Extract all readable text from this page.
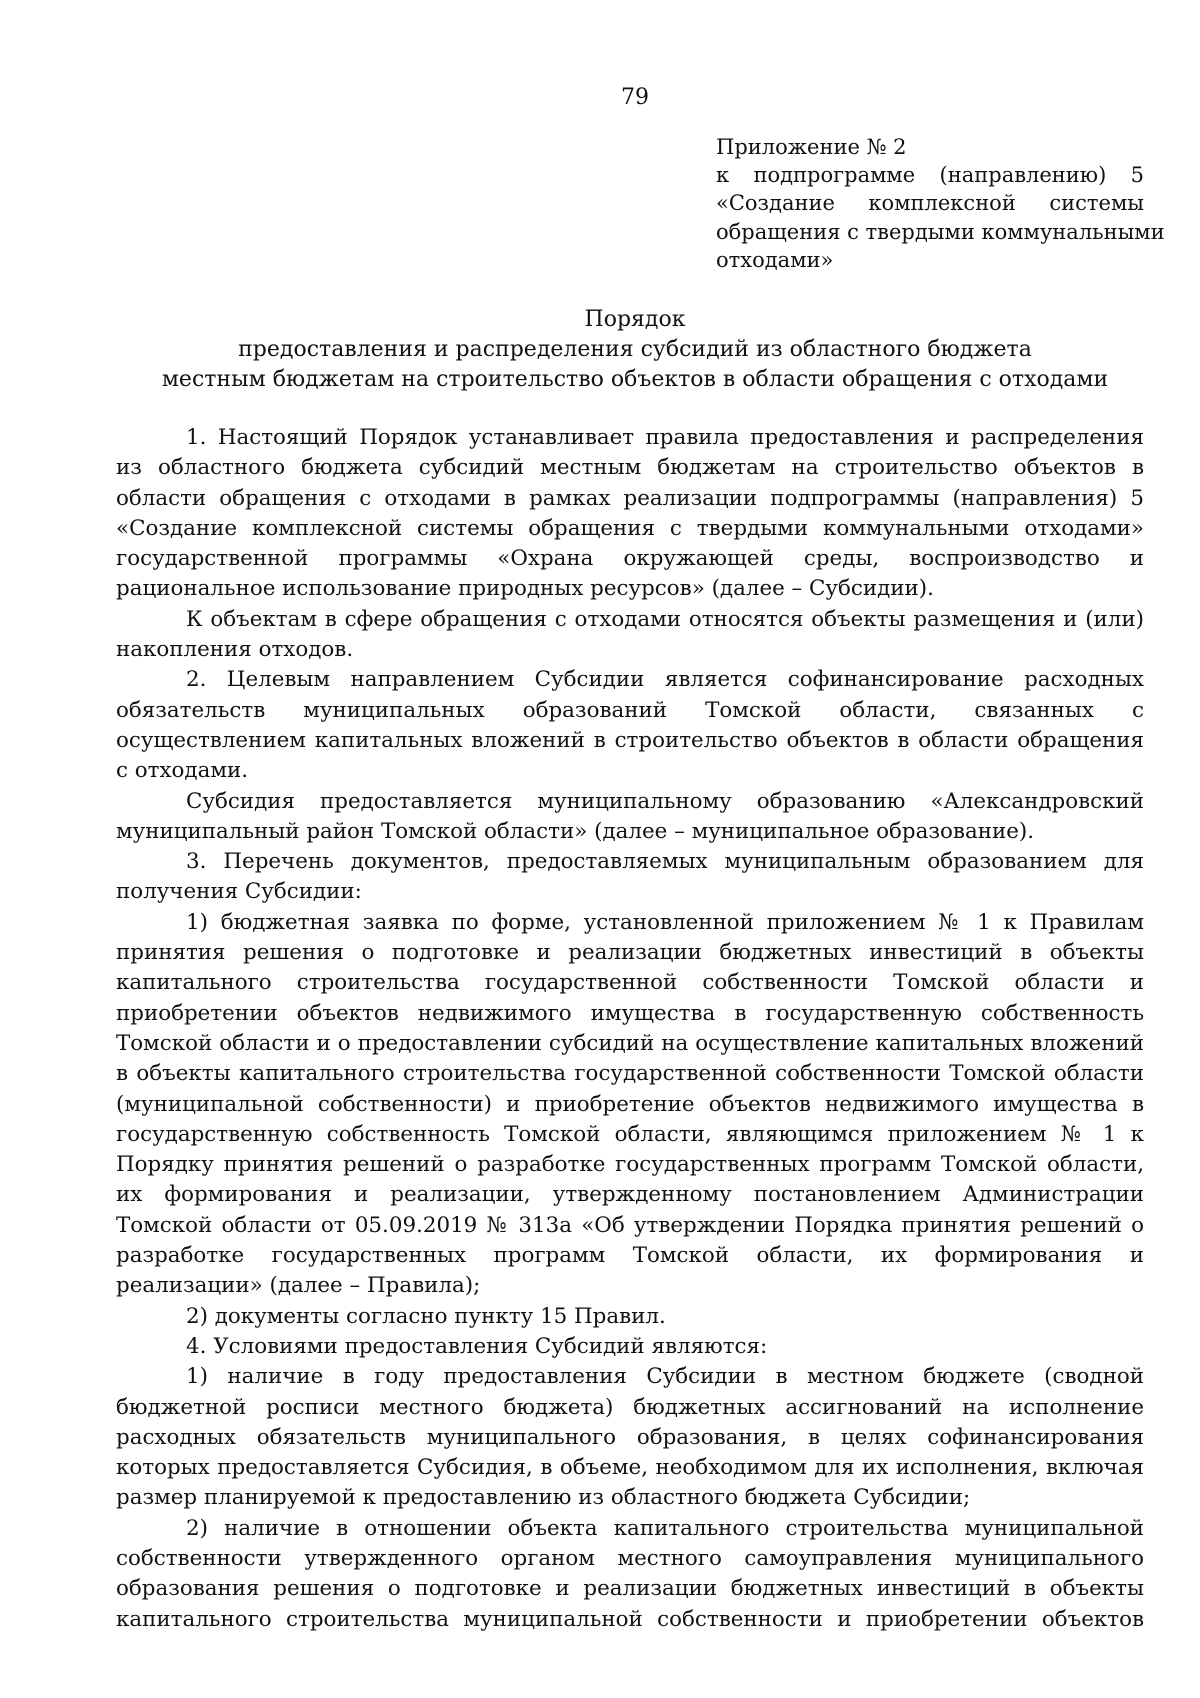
79
Приложение № 2
к подпрограмме (направлению) 5
«Создание комплексной системы
обращения с твердыми коммунальными
отходами»
Порядок
предоставления и распределения субсидий из областного бюджета
местным бюджетам на строительство объектов в области обращения с отходами

1. Настоящий Порядок устанавливает правила предоставления и распределения из областного бюджета субсидий местным бюджетам на строительство объектов в области обращения с отходами в рамках реализации подпрограммы (направления) 5 «Создание комплексной системы обращения с твердыми коммунальными отходами» государственной программы «Охрана окружающей среды, воспроизводство и рациональное использование природных ресурсов» (далее – Субсидии).

К объектам в сфере обращения с отходами относятся объекты размещения и (или) накопления отходов.

2. Целевым направлением Субсидии является софинансирование расходных обязательств муниципальных образований Томской области, связанных с осуществлением капитальных вложений в строительство объектов в области обращения с отходами.

Субсидия предоставляется муниципальному образованию «Александровский муниципальный район Томской области» (далее – муниципальное образование).

3. Перечень документов, предоставляемых муниципальным образованием для получения Субсидии:

1) бюджетная заявка по форме, установленной приложением № 1 к Правилам принятия решения о подготовке и реализации бюджетных инвестиций в объекты капитального строительства государственной собственности Томской области и приобретении объектов недвижимого имущества в государственную собственность Томской области и о предоставлении субсидий на осуществление капитальных вложений в объекты капитального строительства государственной собственности Томской области (муниципальной собственности) и приобретение объектов недвижимого имущества в государственную собственность Томской области, являющимся приложением № 1 к Порядку принятия решений о разработке государственных программ Томской области, их формирования и реализации, утвержденному постановлением Администрации Томской области от 05.09.2019 № 313а «Об утверждении Порядка принятия решений о разработке государственных программ Томской области, их формирования и реализации» (далее – Правила);

2) документы согласно пункту 15 Правил.

4. Условиями предоставления Субсидий являются:

1) наличие в году предоставления Субсидии в местном бюджете (сводной бюджетной росписи местного бюджета) бюджетных ассигнований на исполнение расходных обязательств муниципального образования, в целях софинансирования которых предоставляется Субсидия, в объеме, необходимом для их исполнения, включая размер планируемой к предоставлению из областного бюджета Субсидии;

2) наличие в отношении объекта капитального строительства муниципальной собственности утвержденного органом местного самоуправления муниципального образования решения о подготовке и реализации бюджетных инвестиций в объекты капитального строительства муниципальной собственности и приобретении объектов
